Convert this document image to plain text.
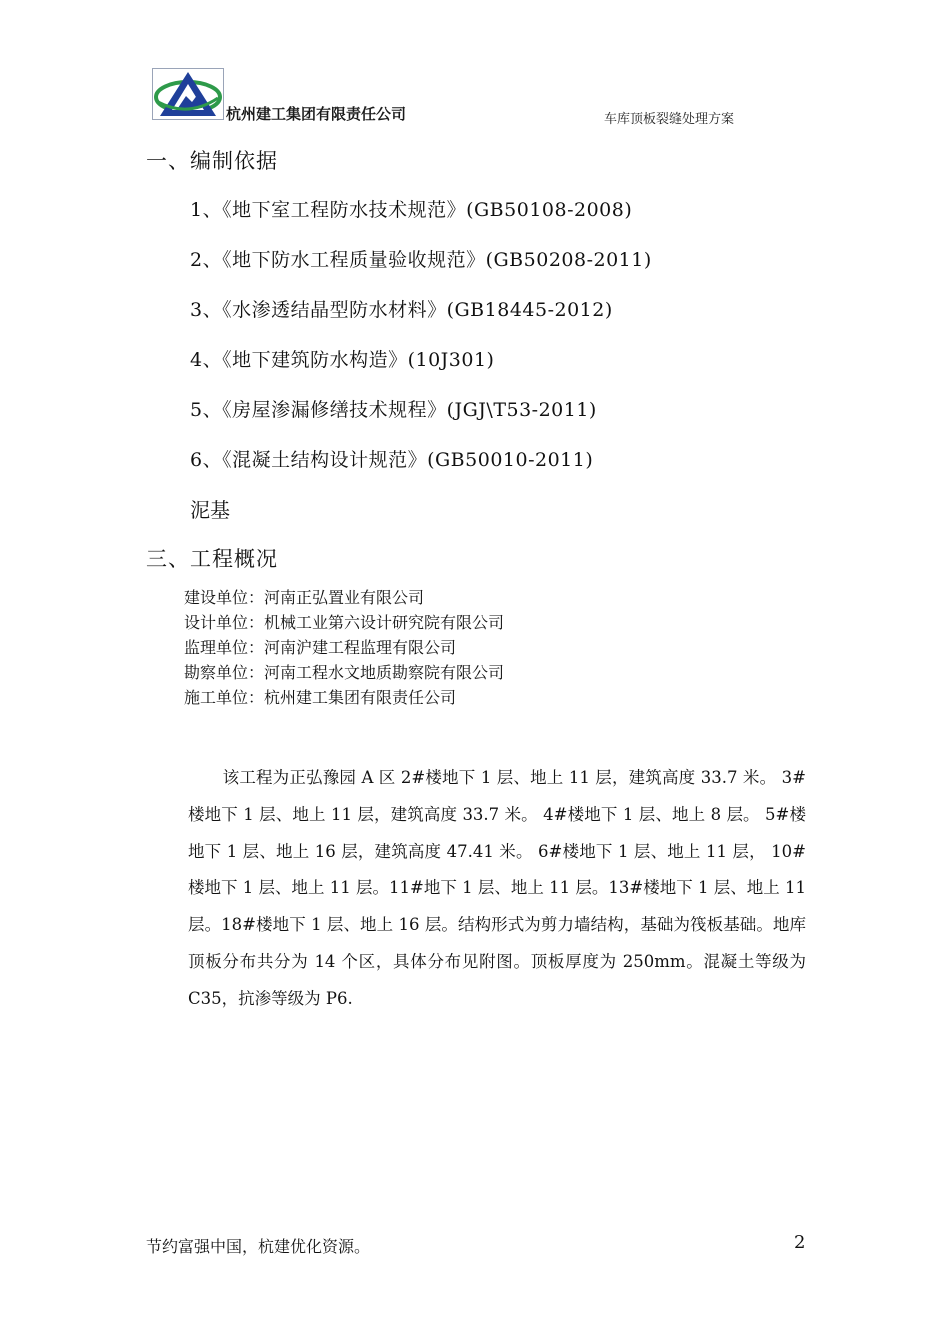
杭州建工集团有限责任公司	车库顶板裂缝处理方案
一、编制依据
1、《地下室工程防水技术规范》(GB50108-2008)
2、《地下防水工程质量验收规范》(GB50208-2011)
3、《水渗透结晶型防水材料》(GB18445-2012)
4、《地下建筑防水构造》(10J301)
5、《房屋渗漏修缮技术规程》(JGJ\T53-2011)
6、《混凝土结构设计规范》(GB50010-2011)
泥基
三、工程概况
建设单位：河南正弘置业有限公司
设计单位：机械工业第六设计研究院有限公司
监理单位：河南沪建工程监理有限公司
勘察单位：河南工程水文地质勘察院有限公司
施工单位：杭州建工集团有限责任公司

该工程为正弘豫园 A 区 2#楼地下 1 层、地上 11 层，建筑高度 33.7 米。 3#楼地下 1 层、地上 11 层，建筑高度 33.7 米。 4#楼地下 1 层、地上 8 层。 5#楼地下 1 层、地上 16 层，建筑高度 47.41 米。 6#楼地下 1 层、地上 11 层， 10#楼地下 1 层、地上 11 层。11#地下 1 层、地上 11 层。13#楼地下 1 层、地上 11 层。18#楼地下 1 层、地上 16 层。结构形式为剪力墙结构，基础为筏板基础。地库顶板分布共分为 14 个区，具体分布见附图。顶板厚度为 250mm。混凝土等级为 C35，抗渗等级为 P6.

节约富强中国，杭建优化资源。	2
